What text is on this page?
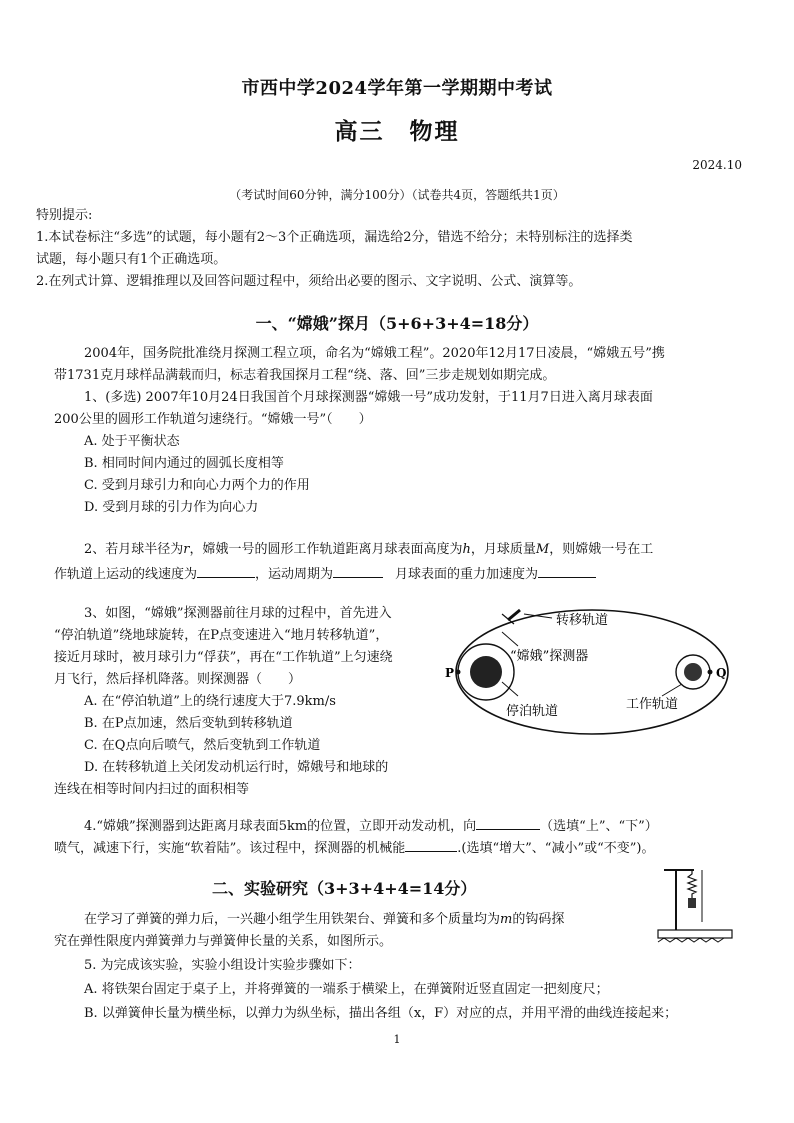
市西中学2024学年第一学期期中考试
高三　物理
2024.10
（考试时间60分钟，满分100分）（试卷共4页，答题纸共1页）
特别提示:
1.本试卷标注“多选”的试题，每小题有2～3个正确选项，漏选给2分，错选不给分；未特别标注的选择类
试题，每小题只有1个正确选项。
2.在列式计算、逻辑推理以及回答问题过程中，须给出必要的图示、文字说明、公式、演算等。
一、“嫦娥”探月（5+6+3+4=18分）
2004年，国务院批准绕月探测工程立项，命名为“嫦娥工程”。2020年12月17日凌晨，“嫦娥五号”携
带1731克月球样品满载而归，标志着我国探月工程“绕、落、回”三步走规划如期完成。
1、(多选) 2007年10月24日我国首个月球探测器“嫦娥一号”成功发射，于11月7日进入离月球表面
200公里的圆形工作轨道匀速绕行。“嫦娥一号”（　　）
A. 处于平衡状态
B. 相同时间内通过的圆弧长度相等
C. 受到月球引力和向心力两个力的作用
D. 受到月球的引力作为向心力
2、若月球半径为r，嫦娥一号的圆形工作轨道距离月球表面高度为h，月球质量M，则嫦娥一号在工
作轨道上运动的线速度为	，运动周期为	月球表面的重力加速度为
3、如图，“嫦娥”探测器前往月球的过程中，首先进入
“停泊轨道”绕地球旋转，在P点变速进入“地月转移轨道”，
接近月球时，被月球引力“俘获”，再在“工作轨道”上匀速绕
月飞行，然后择机降落。则探测器（　　）
A. 在“停泊轨道”上的绕行速度大于7.9km/s
B. 在P点加速，然后变轨到转移轨道
C. 在Q点向后喷气，然后变轨到工作轨道
D. 在转移轨道上关闭发动机运行时，嫦娥号和地球的
连线在相等时间内扫过的面积相等
转移轨道
“嫦娥”探测器
停泊轨道	工作轨道
P	Q
4.“嫦娥”探测器到达距离月球表面5km的位置，立即开动发动机，向	（选填“上”、“下”）
喷气，减速下行，实施“软着陆”。该过程中，探测器的机械能	.(选填“增大”、“减小”或“不变”)。
二、实验研究（3+3+4+4=14分）
在学习了弹簧的弹力后，一兴趣小组学生用铁架台、弹簧和多个质量均为m的钩码探
究在弹性限度内弹簧弹力与弹簧伸长量的关系，如图所示。
5. 为完成该实验，实验小组设计实验步骤如下：
A. 将铁架台固定于桌子上，并将弹簧的一端系于横梁上，在弹簧附近竖直固定一把刻度尺；
B. 以弹簧伸长量为横坐标，以弹力为纵坐标，描出各组（x，F）对应的点，并用平滑的曲线连接起来；
1
